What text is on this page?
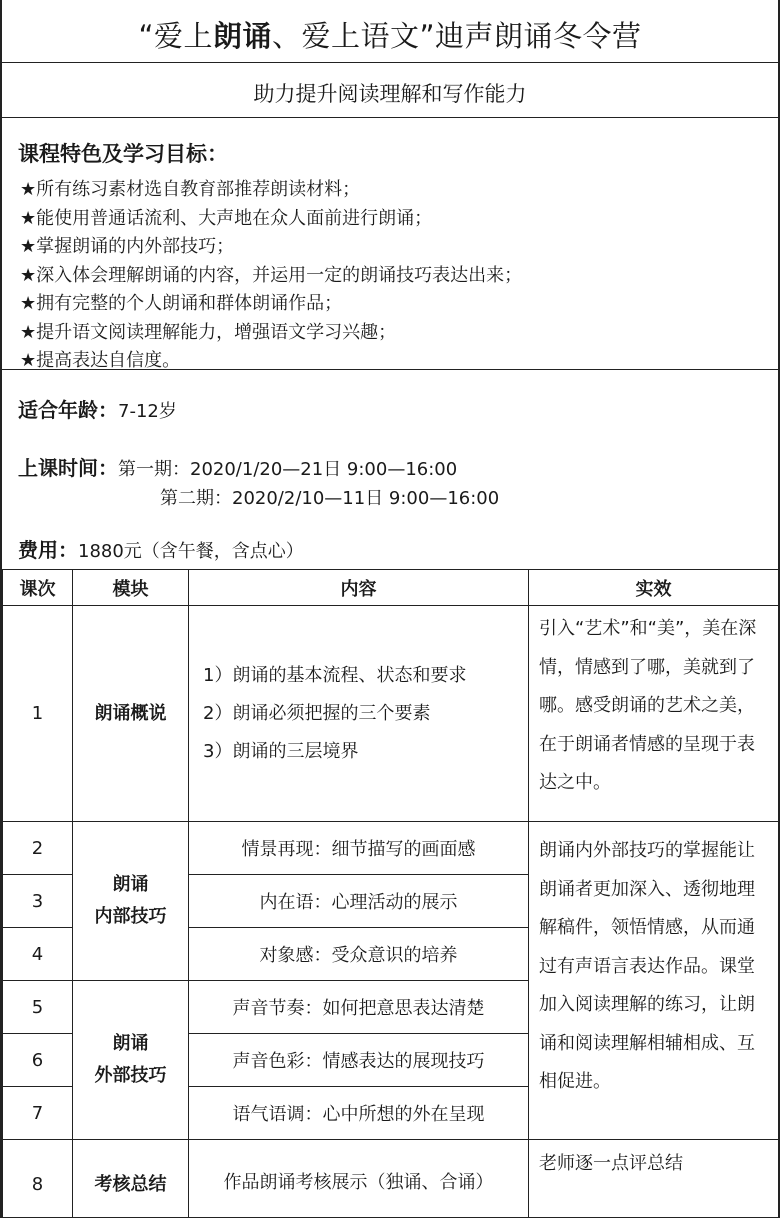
“爱上朗诵、爱上语文”迪声朗诵冬令营
助力提升阅读理解和写作能力
课程特色及学习目标：
★所有练习素材选自教育部推荐朗读材料；
★能使用普通话流利、大声地在众人面前进行朗诵；
★掌握朗诵的内外部技巧；
★深入体会理解朗诵的内容，并运用一定的朗诵技巧表达出来；
★拥有完整的个人朗诵和群体朗诵作品；
★提升语文阅读理解能力，增强语文学习兴趣；
★提高表达自信度。
适合年龄：7-12岁
上课时间：第一期：2020/1/20—21日 9:00—16:00
第二期：2020/2/10—11日 9:00—16:00
费用：1880元（含午餐，含点心）
课次	模块	内容	实效
1	朗诵概说	1）朗诵的基本流程、状态和要求
2）朗诵必须把握的三个要素
3）朗诵的三层境界	引入“艺术”和“美”，美在深情，情感到了哪，美就到了哪。感受朗诵的艺术之美，在于朗诵者情感的呈现于表达之中。
2	朗诵
内部技巧	情景再现：细节描写的画面感	朗诵内外部技巧的掌握能让朗诵者更加深入、透彻地理解稿件，领悟情感，从而通过有声语言表达作品。课堂加入阅读理解的练习，让朗诵和阅读理解相辅相成、互相促进。
3		内在语：心理活动的展示	
4		对象感：受众意识的培养	
5	朗诵
外部技巧	声音节奏：如何把意思表达清楚	
6		声音色彩：情感表达的展现技巧	
7		语气语调：心中所想的外在呈现	
8	考核总结	作品朗诵考核展示（独诵、合诵）	老师逐一点评总结
